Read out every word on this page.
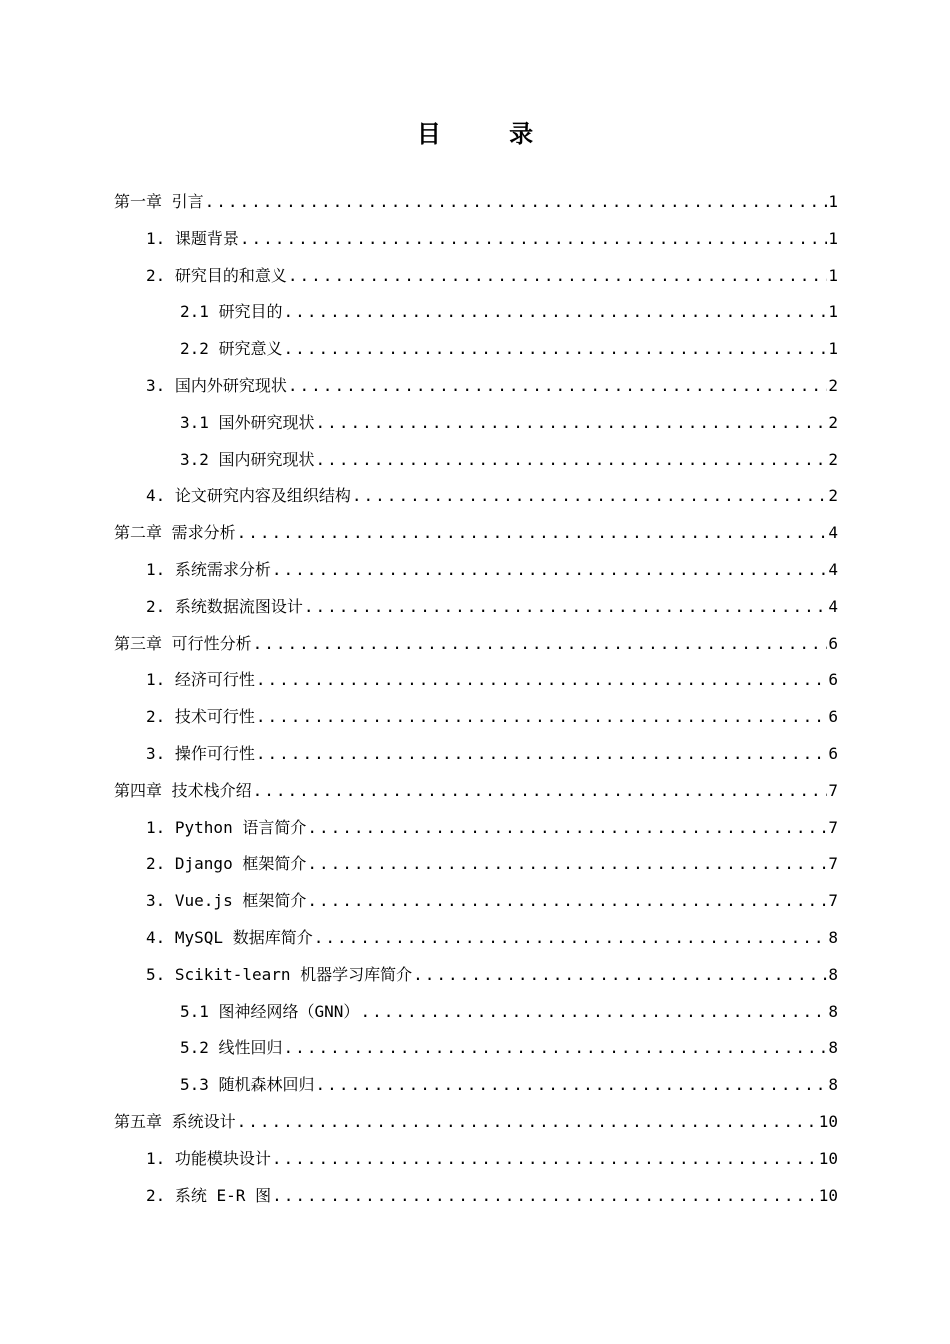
目 录
第一章 引言 .....	1
1. 课题背景 .....	1
2. 研究目的和意义 .....	1
2.1 研究目的 .....	1
2.2 研究意义 .....	1
3. 国内外研究现状 .....	2
3.1 国外研究现状 .....	2
3.2 国内研究现状 .....	2
4. 论文研究内容及组织结构 .....	2
第二章 需求分析 .....	4
1. 系统需求分析 .....	4
2. 系统数据流图设计 .....	4
第三章 可行性分析 .....	6
1. 经济可行性 .....	6
2. 技术可行性 .....	6
3. 操作可行性 .....	6
第四章 技术栈介绍 .....	7
1. Python 语言简介 .....	7
2. Django 框架简介 .....	7
3. Vue.js 框架简介 .....	7
4. MySQL 数据库简介 .....	8
5. Scikit-learn 机器学习库简介 .....	8
5.1 图神经网络（GNN） .....	8
5.2 线性回归 .....	8
5.3 随机森林回归 .....	8
第五章 系统设计 .....	10
1. 功能模块设计 .....	10
2. 系统 E-R 图 .....	10
